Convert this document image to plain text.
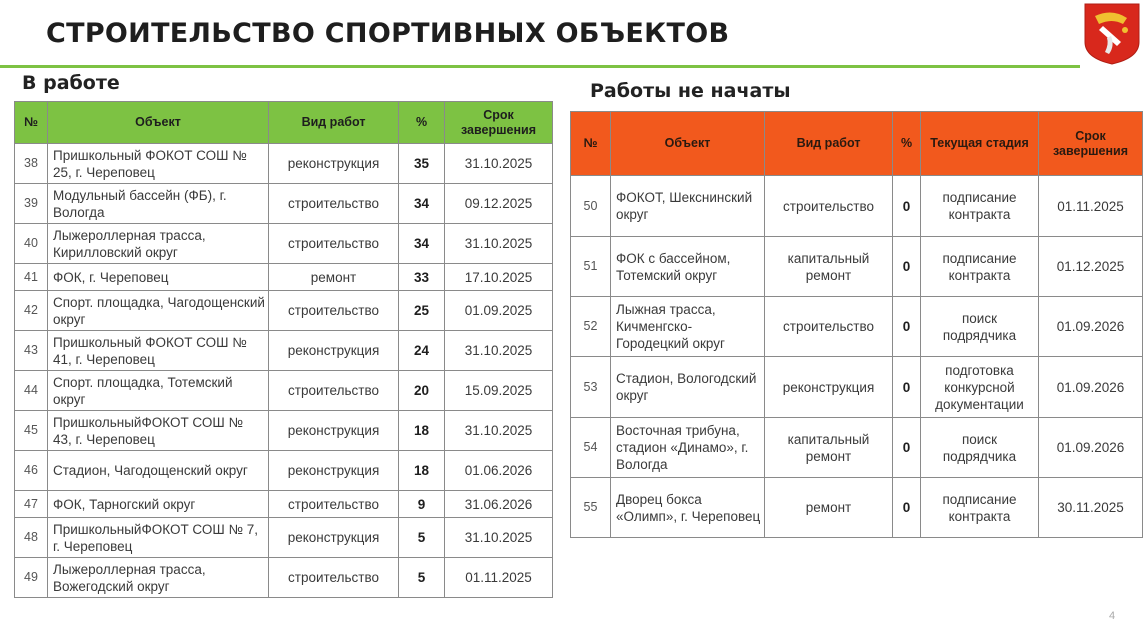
СТРОИТЕЛЬСТВО СПОРТИВНЫХ ОБЪЕКТОВ
В работе	Работы не начаты
№	Объект	Вид работ	%	Срок завершения
38	Пришкольный ФОКОТ СОШ № 25, г. Череповец	реконструкция	35	31.10.2025
39	Модульный бассейн (ФБ), г. Вологда	строительство	34	09.12.2025
40	Лыжероллерная трасса, Кирилловский округ	строительство	34	31.10.2025
41	ФОК, г. Череповец	ремонт	33	17.10.2025
42	Спорт. площадка, Чагодощенский округ	строительство	25	01.09.2025
43	Пришкольный ФОКОТ СОШ № 41, г. Череповец	реконструкция	24	31.10.2025
44	Спорт. площадка, Тотемский округ	строительство	20	15.09.2025
45	ПришкольныйФОКОТ СОШ № 43, г. Череповец	реконструкция	18	31.10.2025
46	Стадион, Чагодощенский округ	реконструкция	18	01.06.2026
47	ФОК, Тарногский округ	строительство	9	31.06.2026
48	ПришкольныйФОКОТ СОШ № 7, г. Череповец	реконструкция	5	31.10.2025
49	Лыжероллерная трасса, Вожегодский округ	строительство	5	01.11.2025
№	Объект	Вид работ	%	Текущая стадия	Срок завершения
50	ФОКОТ, Шекснинский округ	строительство	0	подписание контракта	01.11.2025
51	ФОК с бассейном, Тотемский округ	капитальный ремонт	0	подписание контракта	01.12.2025
52	Лыжная трасса, Кичменгско-Городецкий округ	строительство	0	поиск подрядчика	01.09.2026
53	Стадион, Вологодский округ	реконструкция	0	подготовка конкурсной документации	01.09.2026
54	Восточная трибуна, стадион «Динамо», г. Вологда	капитальный ремонт	0	поиск подрядчика	01.09.2026
55	Дворец бокса «Олимп», г. Череповец	ремонт	0	подписание контракта	30.11.2025
4
